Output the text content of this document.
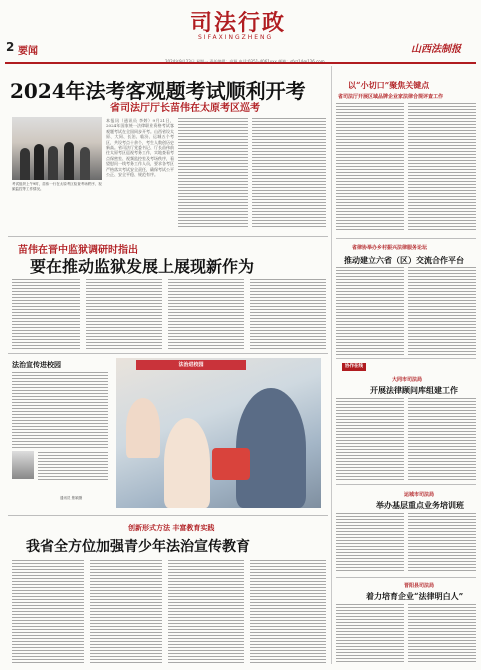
2 要闻
司法行政
SIFAXINGZHENG
山西法制报
2024年法考客观题考试顺利开考
省司法厅厅长苗伟在太原考区巡考
考试组织上午9时，苗伟一行在太原考区检查考场秩序、视频监控等工作情况。
本报讯（通讯员 李婷）9月21日，2024年国家统一法律职业资格考试客观题考试在全国同步开考。山西省设太原、大同、长治、临汾、运城五个考区，共设考点十余个，考生人数创历史新高。省司法厅党委书记、厅长苗伟前往太原考区巡视考务工作，实地查看考点保密室、视频监控室及考场秩序，看望慰问一线考务工作人员，要求各考区严格落实考试安全责任，确保考试公平公正、安全平稳、规范有序。
苗伟在晋中监狱调研时指出
要在推动监狱发展上展现新作为
法治宣传进校园
通讯员 焦颖摄
法治进校园
创新形式方法 丰富教育实践
我省全方位加强青少年法治宣传教育
以“小切口”聚焦关键点
省司法厅开展区域品牌企业家法律合规评查工作
省律协举办乡村振兴法律服务论坛
推动建立六省（区）交流合作平台
协作在线
大同市司法局
开展法律顾问库组建工作
运城市司法局
举办基层重点业务培训班
晋阳县司法局
着力培育企业“法律明白人”
